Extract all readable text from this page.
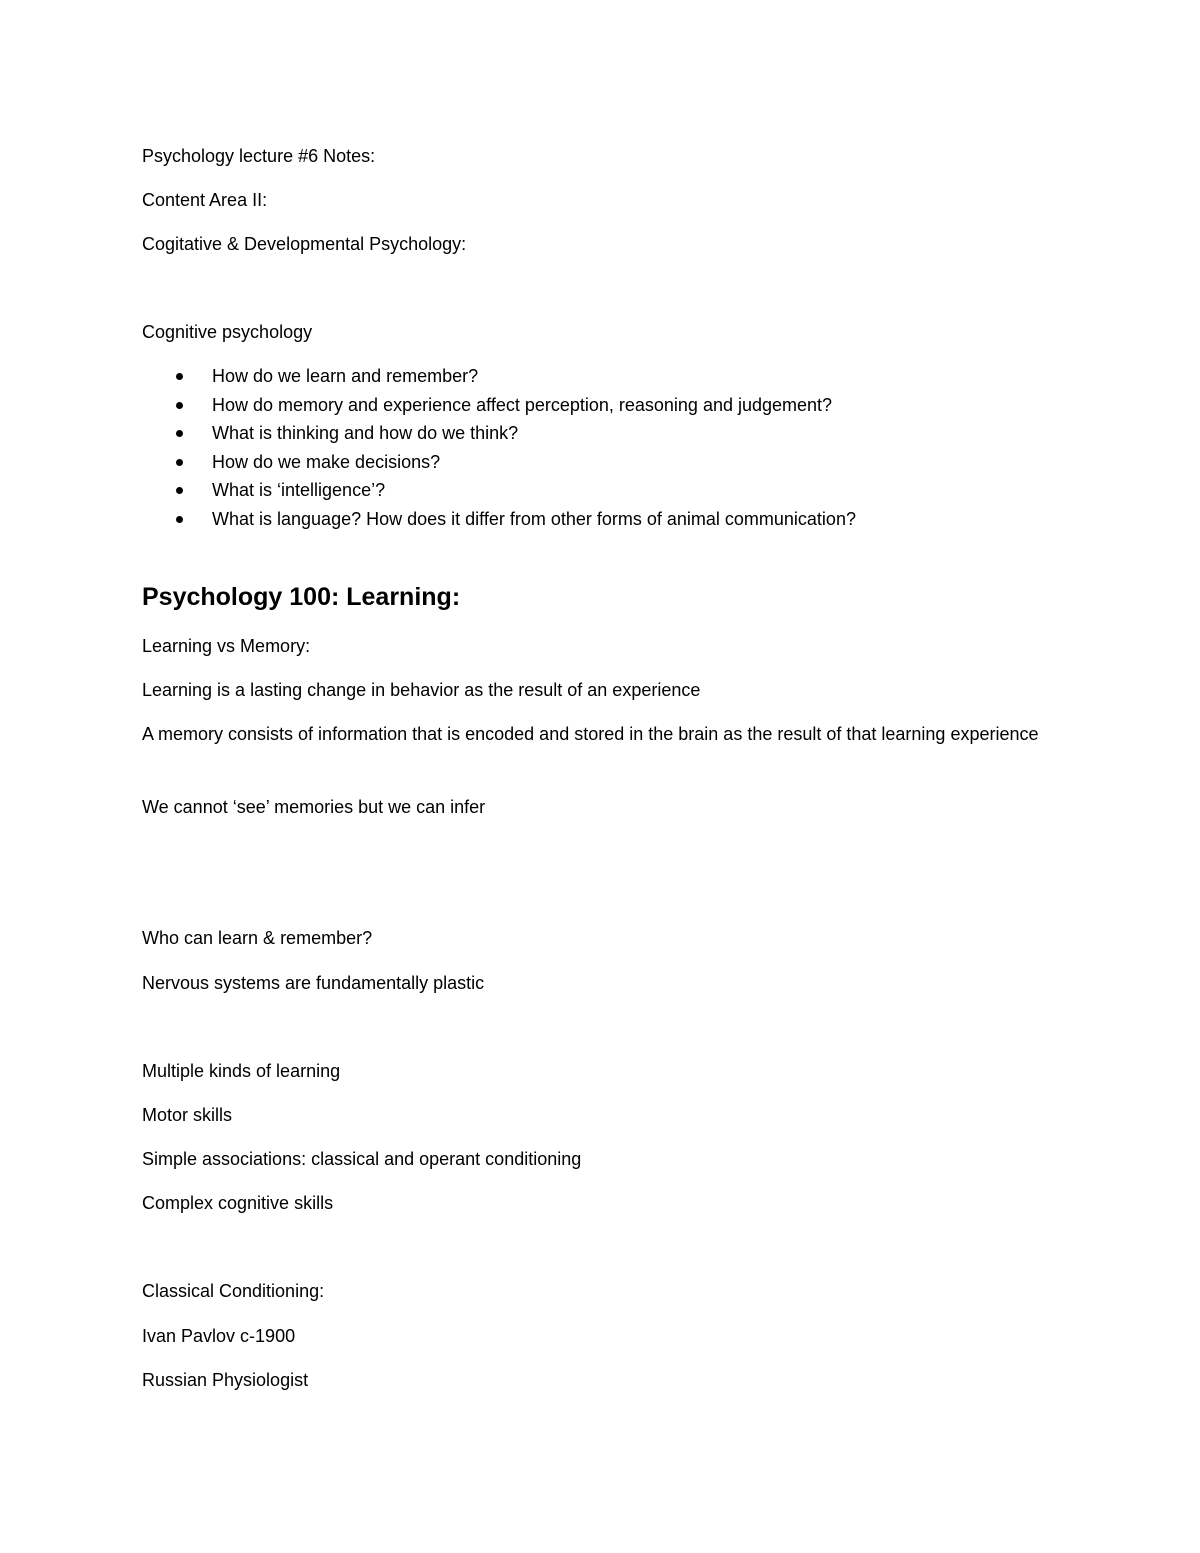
Psychology lecture #6 Notes:
Content Area II:
Cogitative & Developmental Psychology:
Cognitive psychology
How do we learn and remember?
How do memory and experience affect perception, reasoning and judgement?
What is thinking and how do we think?
How do we make decisions?
What is ‘intelligence’?
What is language? How does it differ from other forms of animal communication?
Psychology 100: Learning:
Learning vs Memory:
Learning is a lasting change in behavior as the result of an experience
A memory consists of information that is encoded and stored in the brain as the result of that learning experience
We cannot ‘see’ memories but we can infer
Who can learn & remember?
Nervous systems are fundamentally plastic
Multiple kinds of learning
Motor skills
Simple associations: classical and operant conditioning
Complex cognitive skills
Classical Conditioning:
Ivan Pavlov c-1900
Russian Physiologist
